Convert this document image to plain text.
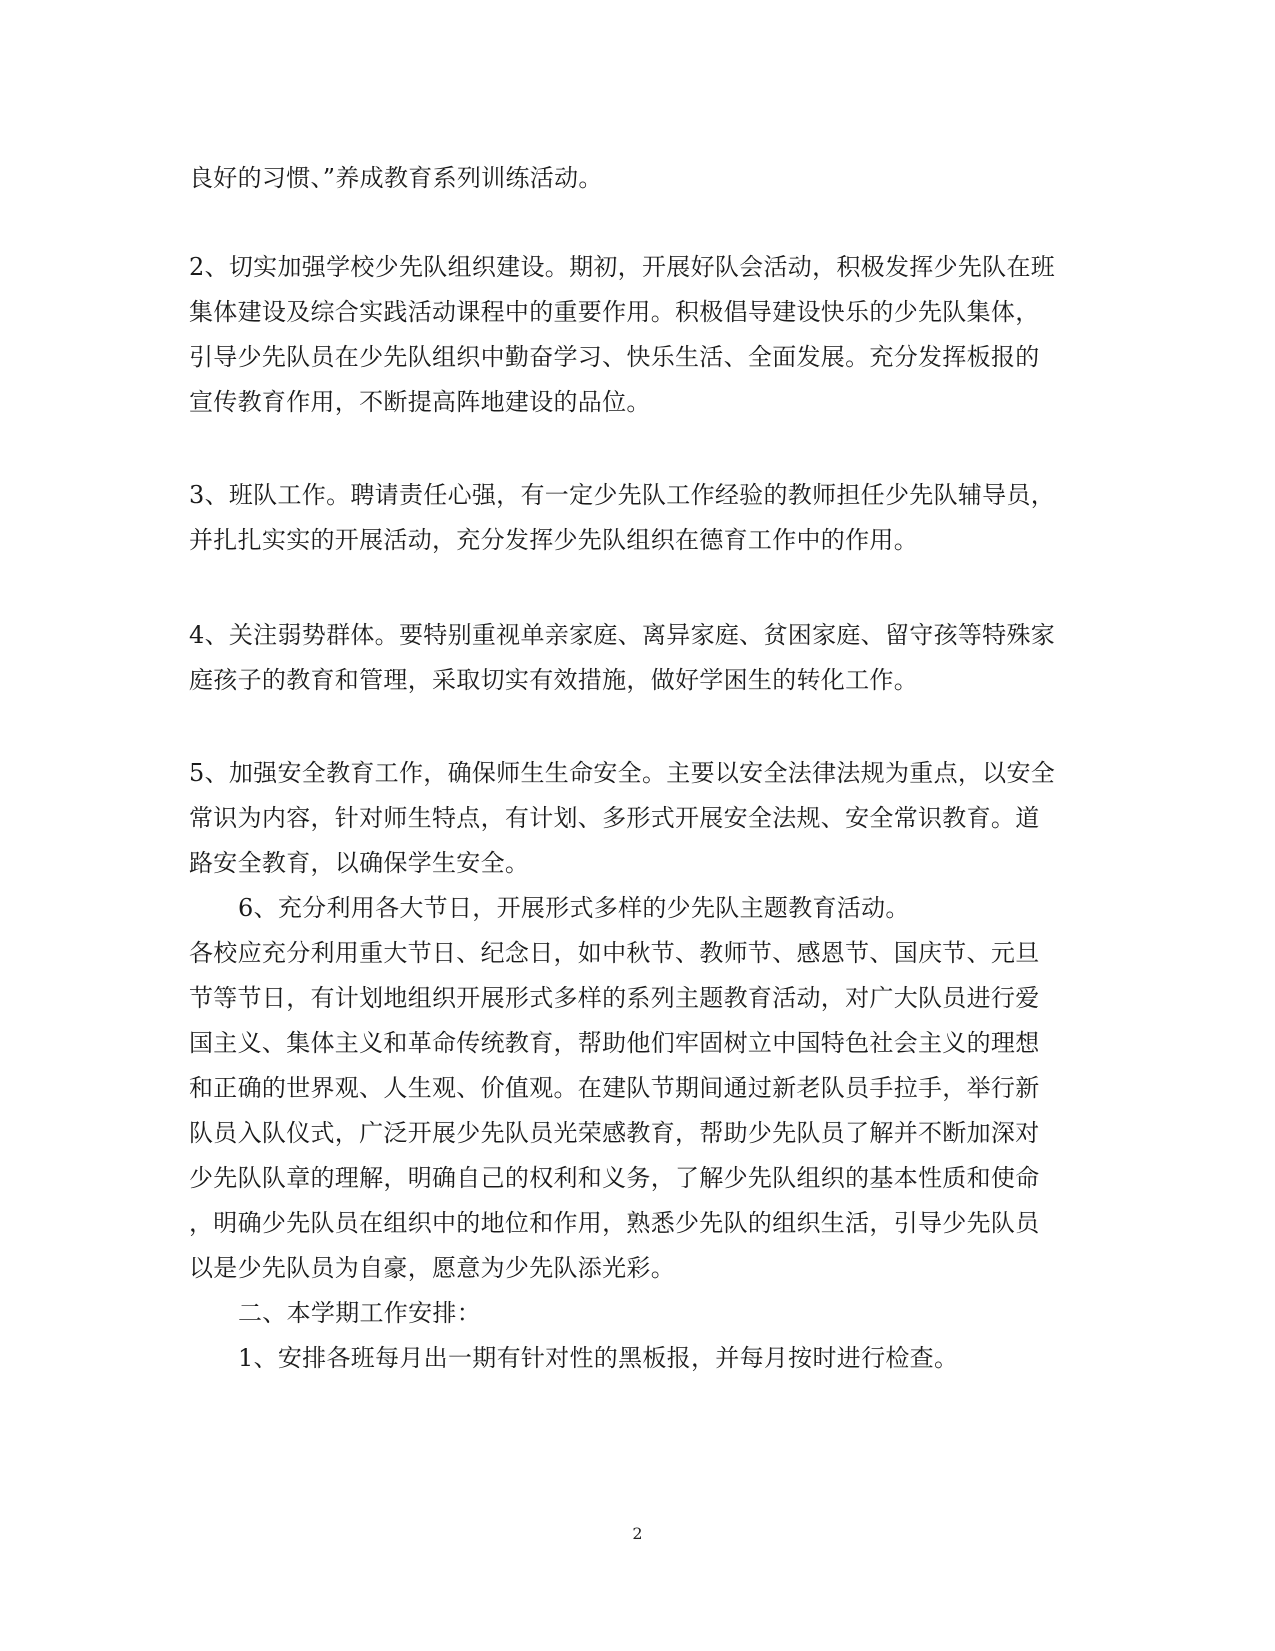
良好的习惯、”养成教育系列训练活动。
2、切实加强学校少先队组织建设。期初，开展好队会活动，积极发挥少先队在班
集体建设及综合实践活动课程中的重要作用。积极倡导建设快乐的少先队集体，
引导少先队员在少先队组织中勤奋学习、快乐生活、全面发展。充分发挥板报的
宣传教育作用，不断提高阵地建设的品位。
3、班队工作。聘请责任心强，有一定少先队工作经验的教师担任少先队辅导员，
并扎扎实实的开展活动，充分发挥少先队组织在德育工作中的作用。
4、关注弱势群体。要特别重视单亲家庭、离异家庭、贫困家庭、留守孩等特殊家
庭孩子的教育和管理，采取切实有效措施，做好学困生的转化工作。
5、加强安全教育工作，确保师生生命安全。主要以安全法律法规为重点，以安全
常识为内容，针对师生特点，有计划、多形式开展安全法规、安全常识教育。道
路安全教育，以确保学生安全。
6、充分利用各大节日，开展形式多样的少先队主题教育活动。
各校应充分利用重大节日、纪念日，如中秋节、教师节、感恩节、国庆节、元旦
节等节日，有计划地组织开展形式多样的系列主题教育活动，对广大队员进行爱
国主义、集体主义和革命传统教育，帮助他们牢固树立中国特色社会主义的理想
和正确的世界观、人生观、价值观。在建队节期间通过新老队员手拉手，举行新
队员入队仪式，广泛开展少先队员光荣感教育，帮助少先队员了解并不断加深对
少先队队章的理解，明确自己的权利和义务，了解少先队组织的基本性质和使命
，明确少先队员在组织中的地位和作用，熟悉少先队的组织生活，引导少先队员
以是少先队员为自豪，愿意为少先队添光彩。
二、本学期工作安排：
1、安排各班每月出一期有针对性的黑板报，并每月按时进行检查。
2
